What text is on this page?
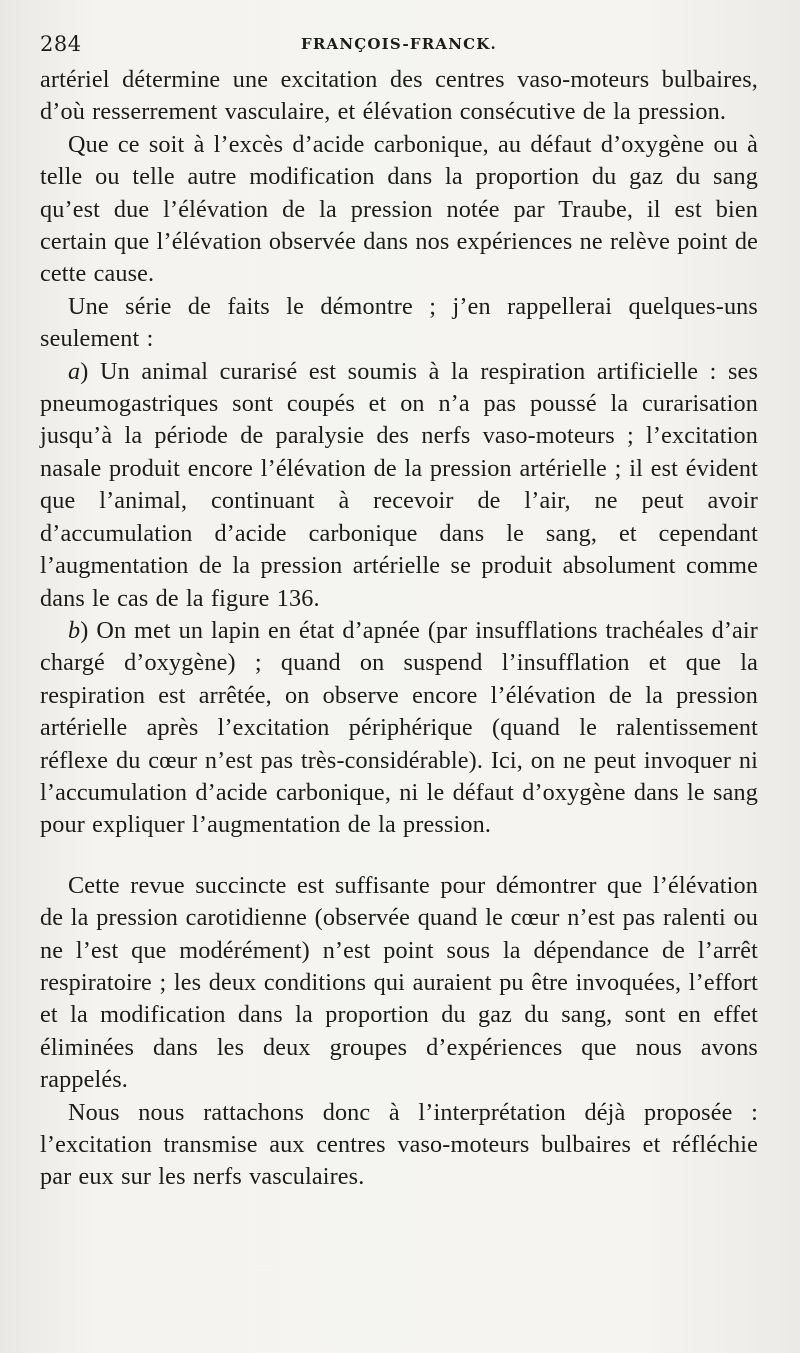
284	FRANÇOIS-FRANCK.

artériel détermine une excitation des centres vaso-moteurs bulbaires, d’où resserrement vasculaire, et élévation consécutive de la pression.

Que ce soit à l’excès d’acide carbonique, au défaut d’oxygène ou à telle ou telle autre modification dans la proportion du gaz du sang qu’est due l’élévation de la pression notée par Traube, il est bien certain que l’élévation observée dans nos expériences ne relève point de cette cause.

Une série de faits le démontre ; j’en rappellerai quelques-uns seulement :

a) Un animal curarisé est soumis à la respiration artificielle : ses pneumogastriques sont coupés et on n’a pas poussé la curarisation jusqu’à la période de paralysie des nerfs vaso-moteurs ; l’excitation nasale produit encore l’élévation de la pression artérielle ; il est évident que l’animal, continuant à recevoir de l’air, ne peut avoir d’accumulation d’acide carbonique dans le sang, et cependant l’augmentation de la pression artérielle se produit absolument comme dans le cas de la figure 136.

b) On met un lapin en état d’apnée (par insufflations trachéales d’air chargé d’oxygène) ; quand on suspend l’insufflation et que la respiration est arrêtée, on observe encore l’élévation de la pression artérielle après l’excitation périphérique (quand le ralentissement réflexe du cœur n’est pas très-considérable). Ici, on ne peut invoquer ni l’accumulation d’acide carbonique, ni le défaut d’oxygène dans le sang pour expliquer l’augmentation de la pression.

Cette revue succincte est suffisante pour démontrer que l’élévation de la pression carotidienne (observée quand le cœur n’est pas ralenti ou ne l’est que modérément) n’est point sous la dépendance de l’arrêt respiratoire ; les deux conditions qui auraient pu être invoquées, l’effort et la modification dans la proportion du gaz du sang, sont en effet éliminées dans les deux groupes d’expériences que nous avons rappelés.

Nous nous rattachons donc à l’interprétation déjà proposée : l’excitation transmise aux centres vaso-moteurs bulbaires et réfléchie par eux sur les nerfs vasculaires.
